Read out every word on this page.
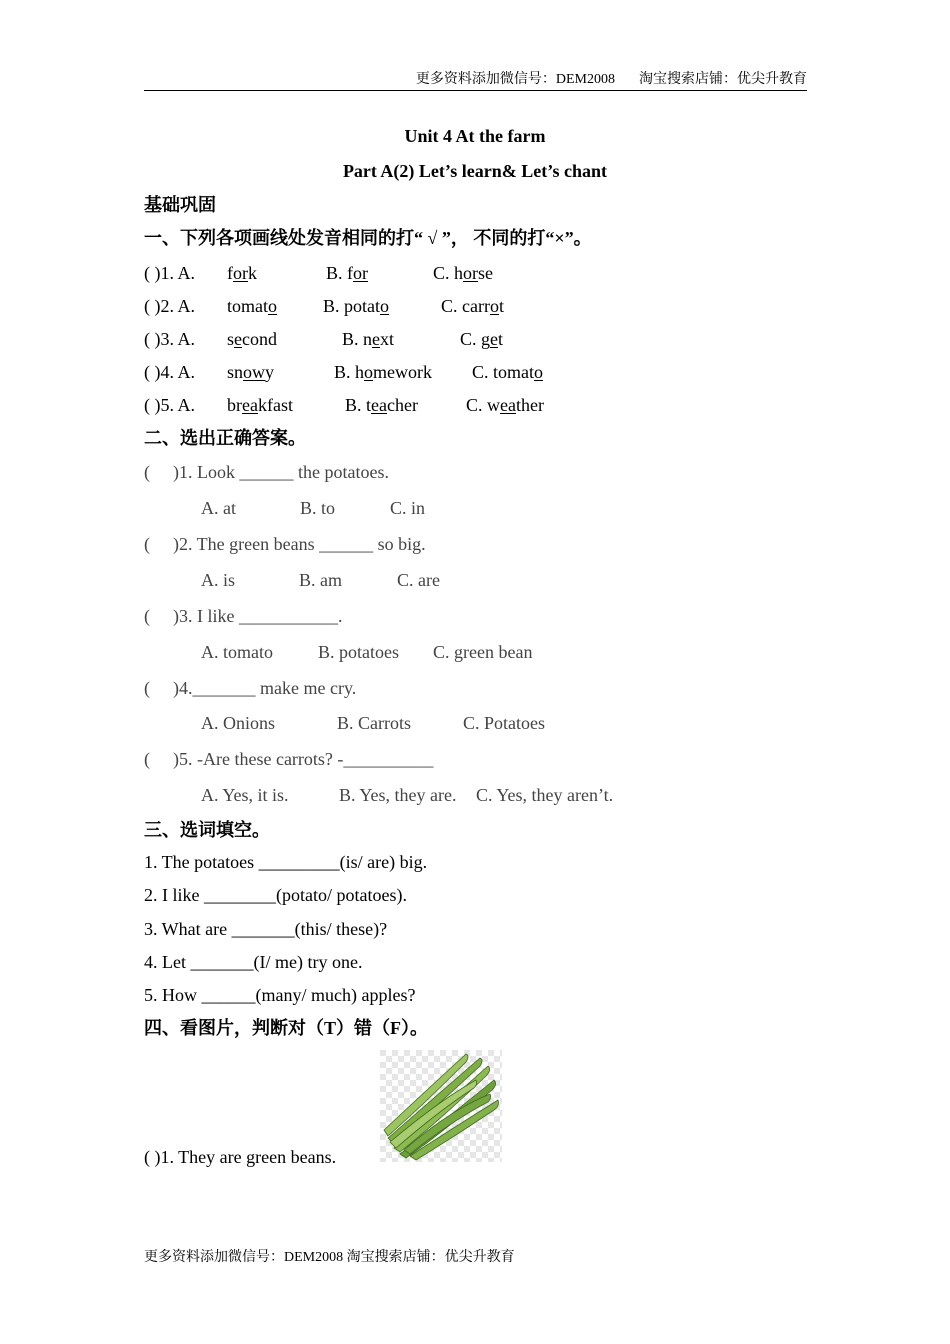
更多资料添加微信号：DEM2008 淘宝搜索店铺：优尖升教育
Unit 4 At the farm
Part A(2) Let’s learn& Let’s chant
基础巩固
一、下列各项画线处发音相同的打“ √ ”， 不同的打“×”。
( )1. A. fork	B. for	C. horse
( )2. A. tomato	B. potato	C. carrot
( )3. A. second	B. next	C. get
( )4. A. snowy	B. homework C. tomato
( )5. A. breakfast	B. teacher	C. weather
二、选出正确答案。
( )1. Look ______ the potatoes.
A. at	B. to	C. in
( )2. The green beans ______ so big.
A. is	B. am	C. are
( )3. I like ___________.
A. tomato	B. potatoes C. green bean
( )4._______ make me cry.
A. Onions	B. Carrots	C. Potatoes
( )5. -Are these carrots? -__________
A. Yes, it is.	B. Yes, they are. C. Yes, they aren’t.
三、选词填空。
1. The potatoes _________(is/ are) big.
2. I like ________(potato/ potatoes).
3. What are _______(this/ these)?
4. Let _______(I/ me) try one.
5. How ______(many/ much) apples?
四、看图片，判断对（T）错（F）。
( )1. They are green beans.
更多资料添加微信号：DEM2008 淘宝搜索店铺：优尖升教育
